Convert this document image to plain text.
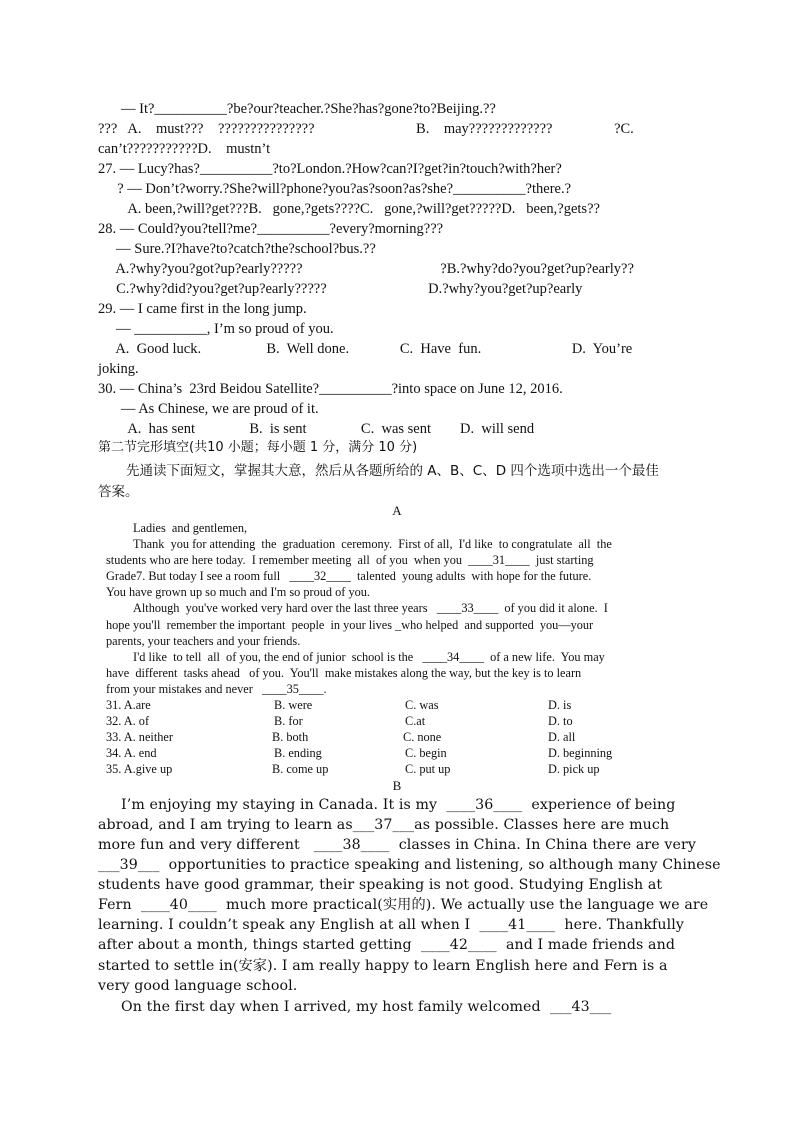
— It?__________?be?our?teacher.?She?has?gone?to?Beijing.??
???   A.    must???    ???????????????                            B.    may?????????????                 ?C.
can’t???????????D.    mustn’t
27. — Lucy?has?__________?to?London.?How?can?I?get?in?touch?with?her?
? — Don’t?worry.?She?will?phone?you?as?soon?as?she?__________?there.?
A. been,?will?get???B.   gone,?gets????C.   gone,?will?get?????D.   been,?gets??
28. — Could?you?tell?me?__________?every?morning???
— Sure.?I?have?to?catch?the?school?bus.??
A.?why?you?got?up?early?????                                      ?B.?why?do?you?get?up?early??
C.?why?did?you?get?up?early?????                            D.?why?you?get?up?early
29. — I came first in the long jump.
— __________, I’m so proud of you.
A.  Good luck.                  B.  Well done.              C.  Have  fun.                         D.  You’re
joking.
30. — China’s  23rd Beidou Satellite?__________?into space on June 12, 2016.
— As Chinese, we are proud of it.
A.  has sent               B.  is sent               C.  was sent        D.  will send
第二节完形填空(共10 小题；每小题 1 分，满分 10 分)
先通读下面短文，掌握其大意，然后从各题所给的 A、B、C、D 四个选项中选出一个最佳
答案。
A
Ladies  and gentlemen,
Thank  you for attending  the  graduation  ceremony.  First of all,  I'd like  to congratulate  all  the
students who are here today.  I remember meeting  all  of you  when you  ____31____  just starting
Grade7. But today I see a room full   ____32____  talented  young adults  with hope for the future.
You have grown up so much and I'm so proud of you.
Although  you've worked very hard over the last three years   ____33____  of you did it alone.  I
hope you'll  remember the important  people  in your lives _who helped  and supported  you—your
parents, your teachers and your friends.
I'd like  to tell  all  of you, the end of junior  school is the   ____34____  of a new life.  You may
have  different  tasks ahead   of you.  You'll  make mistakes along the way, but the key is to learn
from your mistakes and never   ____35____.
31. A.are	B. were	C. was	D. is
32. A. of	B. for	C.at	D. to
33. A. neither	B. both	C. none	D. all
34. A. end	B. ending	C. begin	D. beginning
35. A.give up	B. come up	C. put up	D. pick up
B
I’m enjoying my staying in Canada. It is my  ____36____  experience of being
abroad, and I am trying to learn as___37___as possible. Classes here are much
more fun and very different   ____38____  classes in China. In China there are very
___39___  opportunities to practice speaking and listening, so although many Chinese
students have good grammar, their speaking is not good. Studying English at
Fern  ____40____  much more practical(实用的). We actually use the language we are
learning. I couldn’t speak any English at all when I  ____41____  here. Thankfully
after about a month, things started getting  ____42____  and I made friends and
started to settle in(安家). I am really happy to learn English here and Fern is a
very good language school.
On the first day when I arrived, my host family welcomed  ___43___
